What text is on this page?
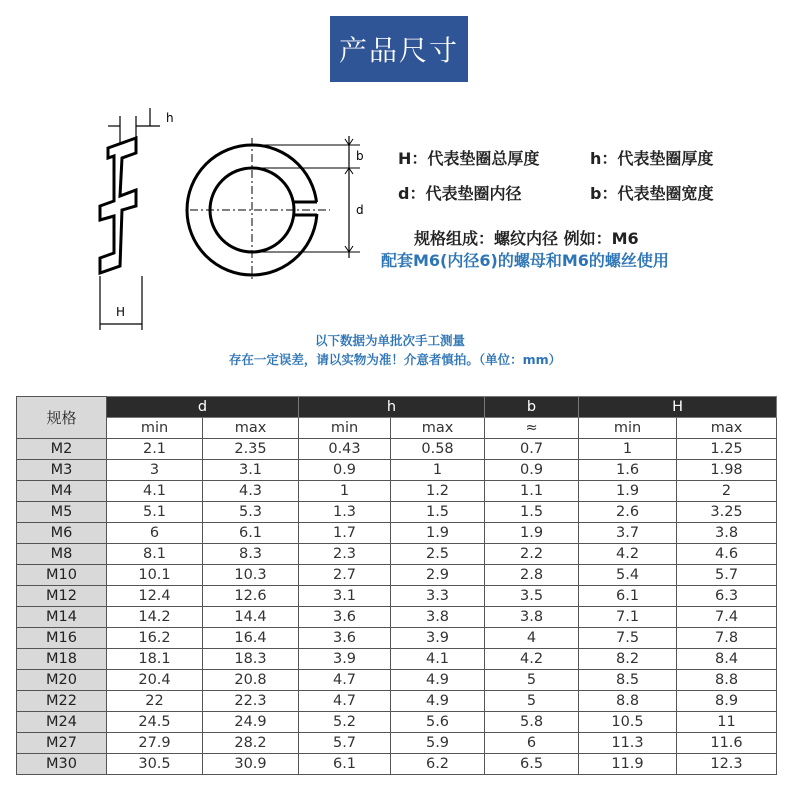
产品尺寸
h
b
d
H
H：代表垫圈总厚度	h：代表垫圈厚度
d：代表垫圈内径	b：代表垫圈宽度
规格组成：螺纹内径 例如：M6
配套M6(内径6)的螺母和M6的螺丝使用
以下数据为单批次手工测量
存在一定误差，请以实物为准！介意者慎拍。（单位：mm）
规格	d		h		b	H	
	min	max	min	max	≈	min	max
M2	2.1	2.35	0.43	0.58	0.7	1	1.25
M3	3	3.1	0.9	1	0.9	1.6	1.98
M4	4.1	4.3	1	1.2	1.1	1.9	2
M5	5.1	5.3	1.3	1.5	1.5	2.6	3.25
M6	6	6.1	1.7	1.9	1.9	3.7	3.8
M8	8.1	8.3	2.3	2.5	2.2	4.2	4.6
M10	10.1	10.3	2.7	2.9	2.8	5.4	5.7
M12	12.4	12.6	3.1	3.3	3.5	6.1	6.3
M14	14.2	14.4	3.6	3.8	3.8	7.1	7.4
M16	16.2	16.4	3.6	3.9	4	7.5	7.8
M18	18.1	18.3	3.9	4.1	4.2	8.2	8.4
M20	20.4	20.8	4.7	4.9	5	8.5	8.8
M22	22	22.3	4.7	4.9	5	8.8	8.9
M24	24.5	24.9	5.2	5.6	5.8	10.5	11
M27	27.9	28.2	5.7	5.9	6	11.3	11.6
M30	30.5	30.9	6.1	6.2	6.5	11.9	12.3
